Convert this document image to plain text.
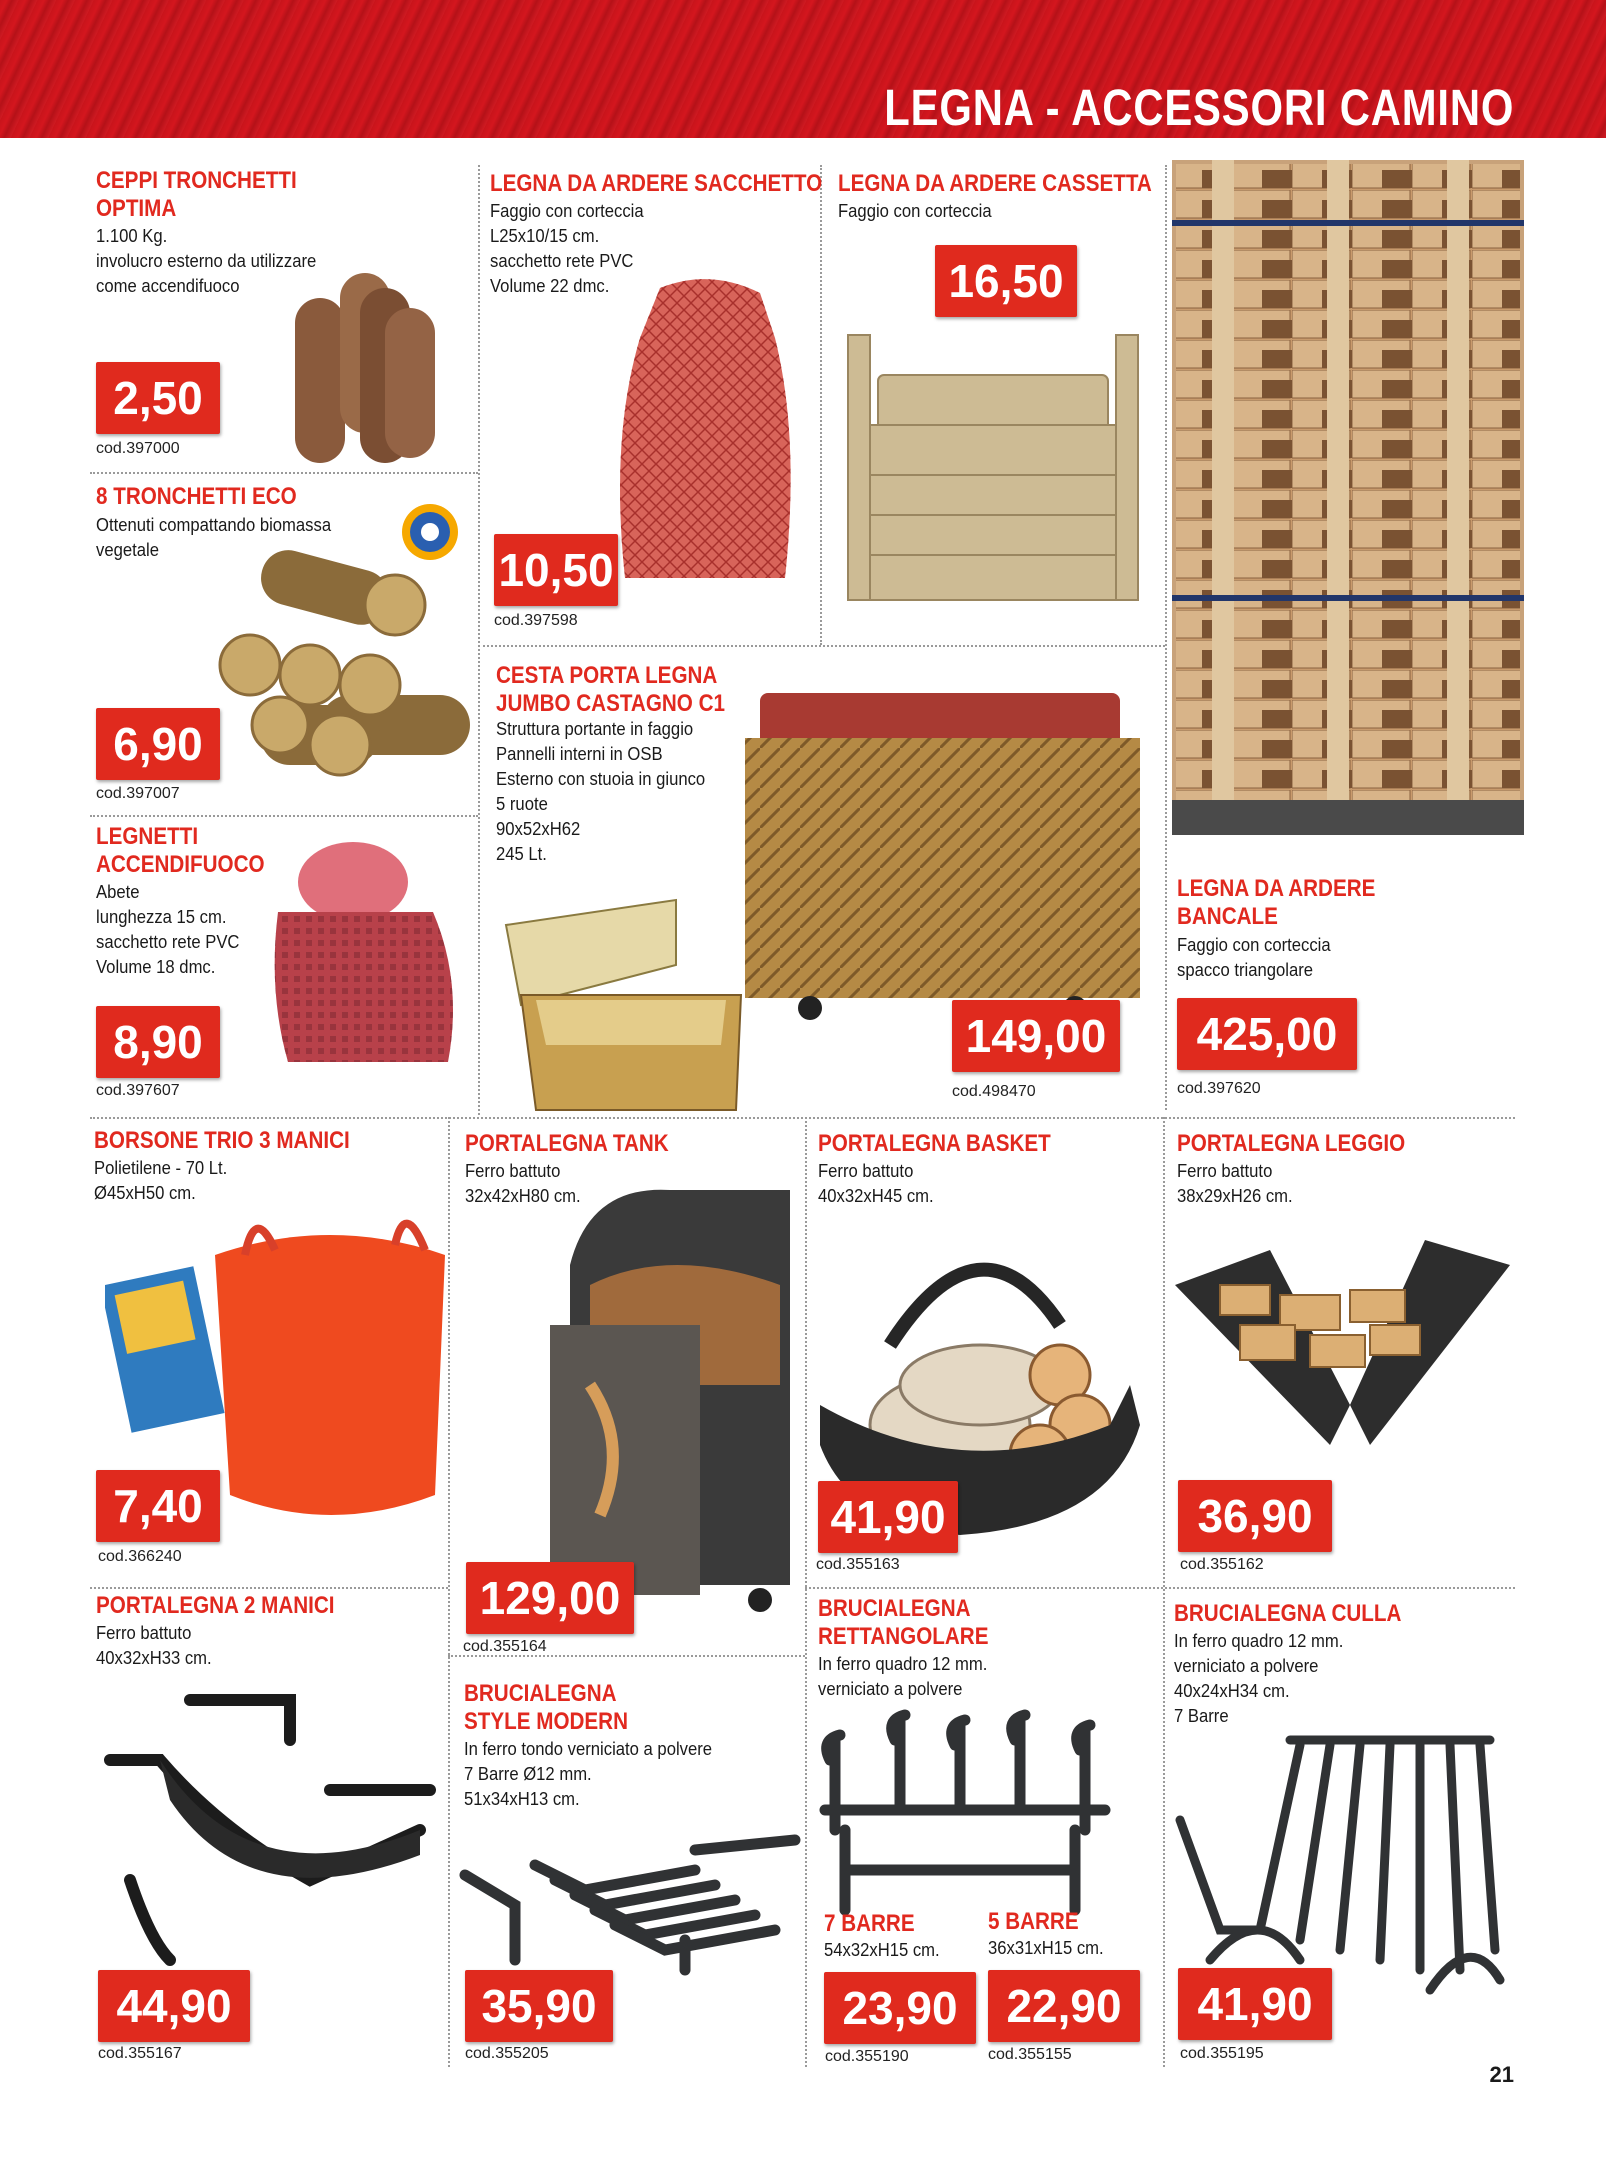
LEGNA - ACCESSORI CAMINO
CEPPI TRONCHETTI
OPTIMA
1.100 Kg.
involucro esterno da utilizzare
come accendifuoco
2,50
cod.397000
8 TRONCHETTI ECO
Ottenuti compattando biomassa
vegetale
6,90
cod.397007
LEGNETTI
ACCENDIFUOCO
Abete
lunghezza 15 cm.
sacchetto rete PVC
Volume 18 dmc.
8,90
cod.397607
LEGNA DA ARDERE SACCHETTO
Faggio con corteccia
L25x10/15 cm.
sacchetto rete PVC
Volume 22 dmc.
10,50
cod.397598
LEGNA DA ARDERE CASSETTA
Faggio con corteccia
16,50
LEGNA DA ARDERE
BANCALE
Faggio con corteccia
spacco triangolare
425,00
cod.397620
CESTA PORTA LEGNA
JUMBO CASTAGNO C1
Struttura portante in faggio
Pannelli interni in OSB
Esterno con stuoia in giunco
5 ruote
90x52xH62
245 Lt.
149,00
cod.498470
BORSONE TRIO 3 MANICI
Polietilene - 70 Lt.
Ø45xH50 cm.
7,40
cod.366240
PORTALEGNA TANK
Ferro battuto
32x42xH80 cm.
129,00
cod.355164
PORTALEGNA BASKET
Ferro battuto
40x32xH45 cm.
41,90
cod.355163
PORTALEGNA LEGGIO
Ferro battuto
38x29xH26 cm.
36,90
cod.355162
PORTALEGNA 2 MANICI
Ferro battuto
40x32xH33 cm.
44,90
cod.355167
BRUCIALEGNA
STYLE MODERN
In ferro tondo verniciato a polvere
7 Barre Ø12 mm.
51x34xH13 cm.
35,90
cod.355205
BRUCIALEGNA
RETTANGOLARE
In ferro quadro 12 mm.
verniciato a polvere
7 BARRE
54x32xH15 cm.
23,90
cod.355190
5 BARRE
36x31xH15 cm.
22,90
cod.355155
BRUCIALEGNA CULLA
In ferro quadro 12 mm.
verniciato a polvere
40x24xH34 cm.
7 Barre
41,90
cod.355195
21
